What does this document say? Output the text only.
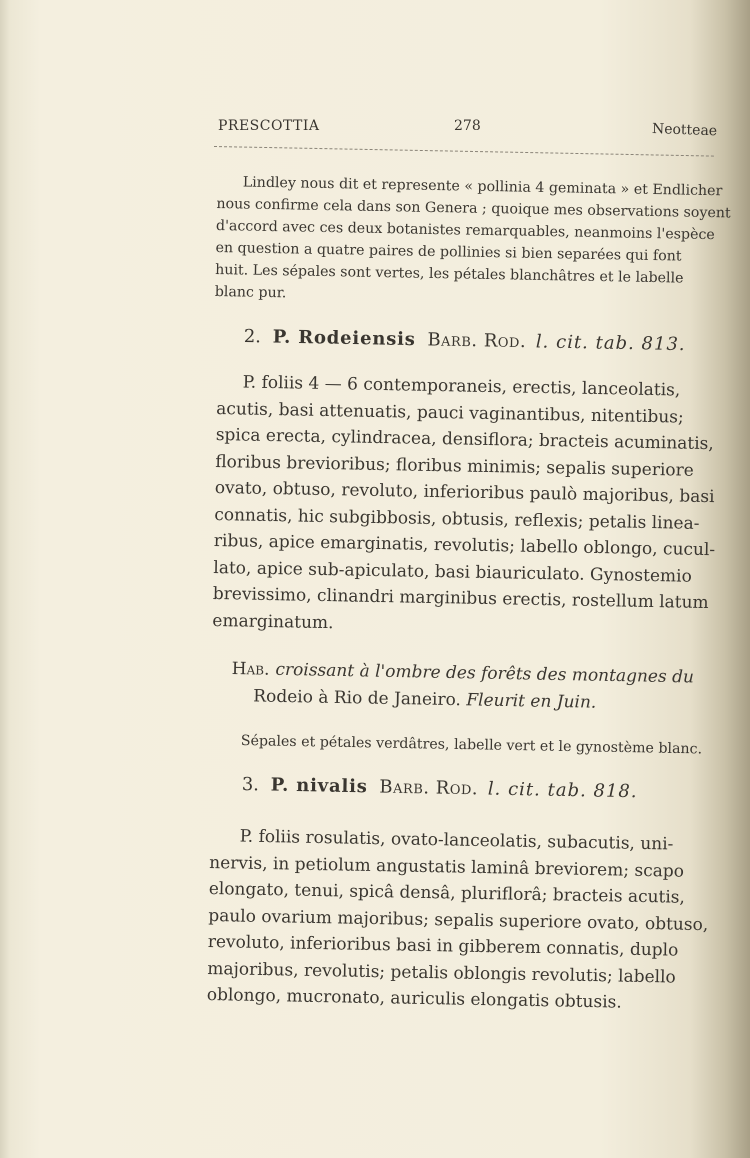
PRESCOTTIA	278	Neotteae
Lindley nous dit et represente « pollinia 4 geminata » et Endlicher
nous confirme cela dans son Genera ; quoique mes observations soyent
d'accord avec ces deux botanistes remarquables, neanmoins l'espèce
en question a quatre paires de pollinies si bien separées qui font
huit. Les sépales sont vertes, les pétales blanchâtres et le labelle
blanc pur.
2. P. Rodeiensis Barb. Rod. l. cit. tab. 813.
P. foliis 4 — 6 contemporaneis, erectis, lanceolatis,
acutis, basi attenuatis, pauci vaginantibus, nitentibus;
spica erecta, cylindracea, densiflora; bracteis acuminatis,
floribus brevioribus; floribus minimis; sepalis superiore
ovato, obtuso, revoluto, inferioribus paulò majoribus, basi
connatis, hic subgibbosis, obtusis, reflexis; petalis linea-
ribus, apice emarginatis, revolutis; labello oblongo, cucul-
lato, apice sub-apiculato, basi biauriculato. Gynostemio
brevissimo, clinandri marginibus erectis, rostellum latum
emarginatum.
Hab. croissant à l'ombre des forêts des montagnes du
Rodeio à Rio de Janeiro. Fleurit en Juin.
Sépales et pétales verdâtres, labelle vert et le gynostème blanc.
3. P. nivalis Barb. Rod. l. cit. tab. 818.
P. foliis rosulatis, ovato-lanceolatis, subacutis, uni-
nervis, in petiolum angustatis laminâ breviorem; scapo
elongato, tenui, spicâ densâ, pluriflorâ; bracteis acutis,
paulo ovarium majoribus; sepalis superiore ovato, obtuso,
revoluto, inferioribus basi in gibberem connatis, duplo
majoribus, revolutis; petalis oblongis revolutis; labello
oblongo, mucronato, auriculis elongatis obtusis.
